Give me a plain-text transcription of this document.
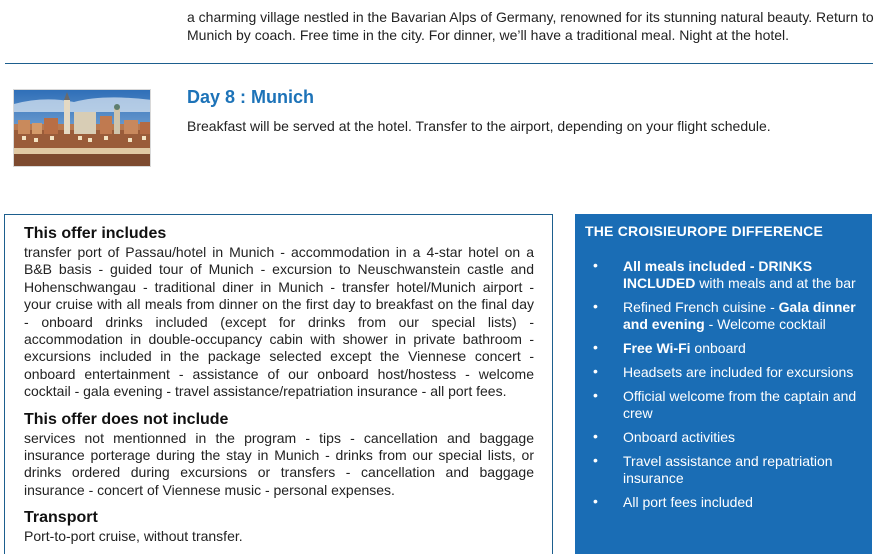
a charming village nestled in the Bavarian Alps of Germany, renowned for its stunning natural beauty. Return to Munich by coach. Free time in the city. For dinner, we’ll have a traditional meal. Night at the hotel.

Day 8 : Munich

Breakfast will be served at the hotel. Transfer to the airport, depending on your flight schedule.

This offer includes

transfer port of Passau/hotel in Munich - accommodation in a 4-star hotel on a B&B basis - guided tour of Munich - excursion to Neuschwanstein castle and Hohenschwangau - traditional diner in Munich - transfer hotel/Munich airport - your cruise with all meals from dinner on the first day to breakfast on the final day - onboard drinks included (except for drinks from our special lists) - accommodation in double-occupancy cabin with shower in private bathroom - excursions included in the package selected except the Viennese concert - onboard entertainment - assistance of our onboard host/hostess - welcome cocktail - gala evening - travel assistance/repatriation insurance - all port fees.

This offer does not include

services not mentionned in the program - tips - cancellation and baggage insurance porterage during the stay in Munich - drinks from our special lists, or drinks ordered during excursions or transfers - cancellation and baggage insurance - concert of Viennese music - personal expenses.

Transport

Port-to-port cruise, without transfer.

THE CROISIEUROPE DIFFERENCE
• All meals included - DRINKS INCLUDED with meals and at the bar
• Refined French cuisine - Gala dinner and evening - Welcome cocktail
• Free Wi-Fi onboard
• Headsets are included for excursions
• Official welcome from the captain and crew
• Onboard activities
• Travel assistance and repatriation insurance
• All port fees included
